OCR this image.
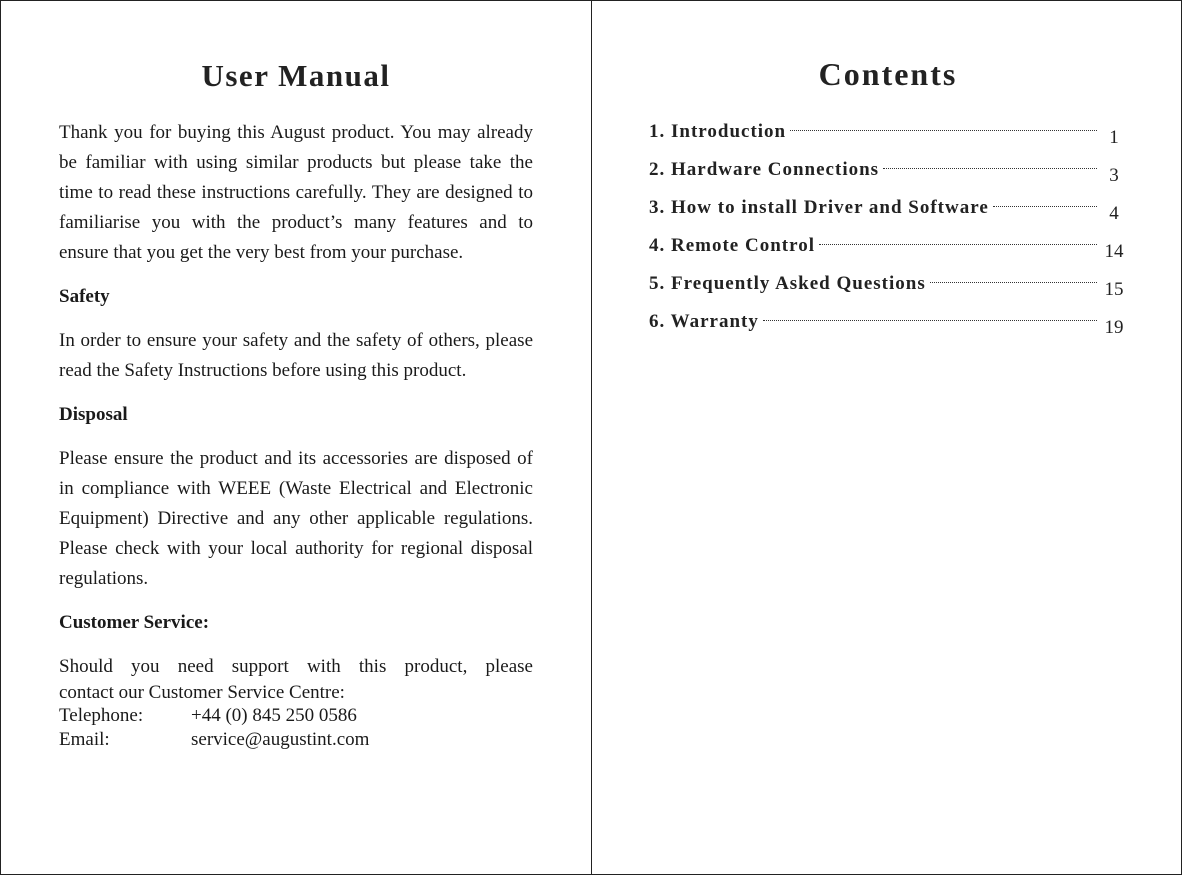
User Manual

Thank you for buying this August product. You may already be familiar with using similar products but please take the time to read these instructions carefully. They are designed to familiarise you with the product’s many features and to ensure that you get the very best from your purchase.

Safety

In order to ensure your safety and the safety of others, please read the Safety Instructions before using this product.

Disposal

Please ensure the product and its accessories are disposed of in compliance with WEEE (Waste Electrical and Electronic Equipment) Directive and any other applicable regulations. Please check with your local authority for regional disposal regulations.

Customer Service:

Should you need support with this product, please

contact our Customer Service Centre:

Telephone:	+44 (0) 845 250 0586
Email:	service@augustint.com
Contents
1. Introduction	1
2. Hardware Connections	3
3. How to install Driver and Software	4
4. Remote Control	14
5. Frequently Asked Questions	15
6. Warranty	19
